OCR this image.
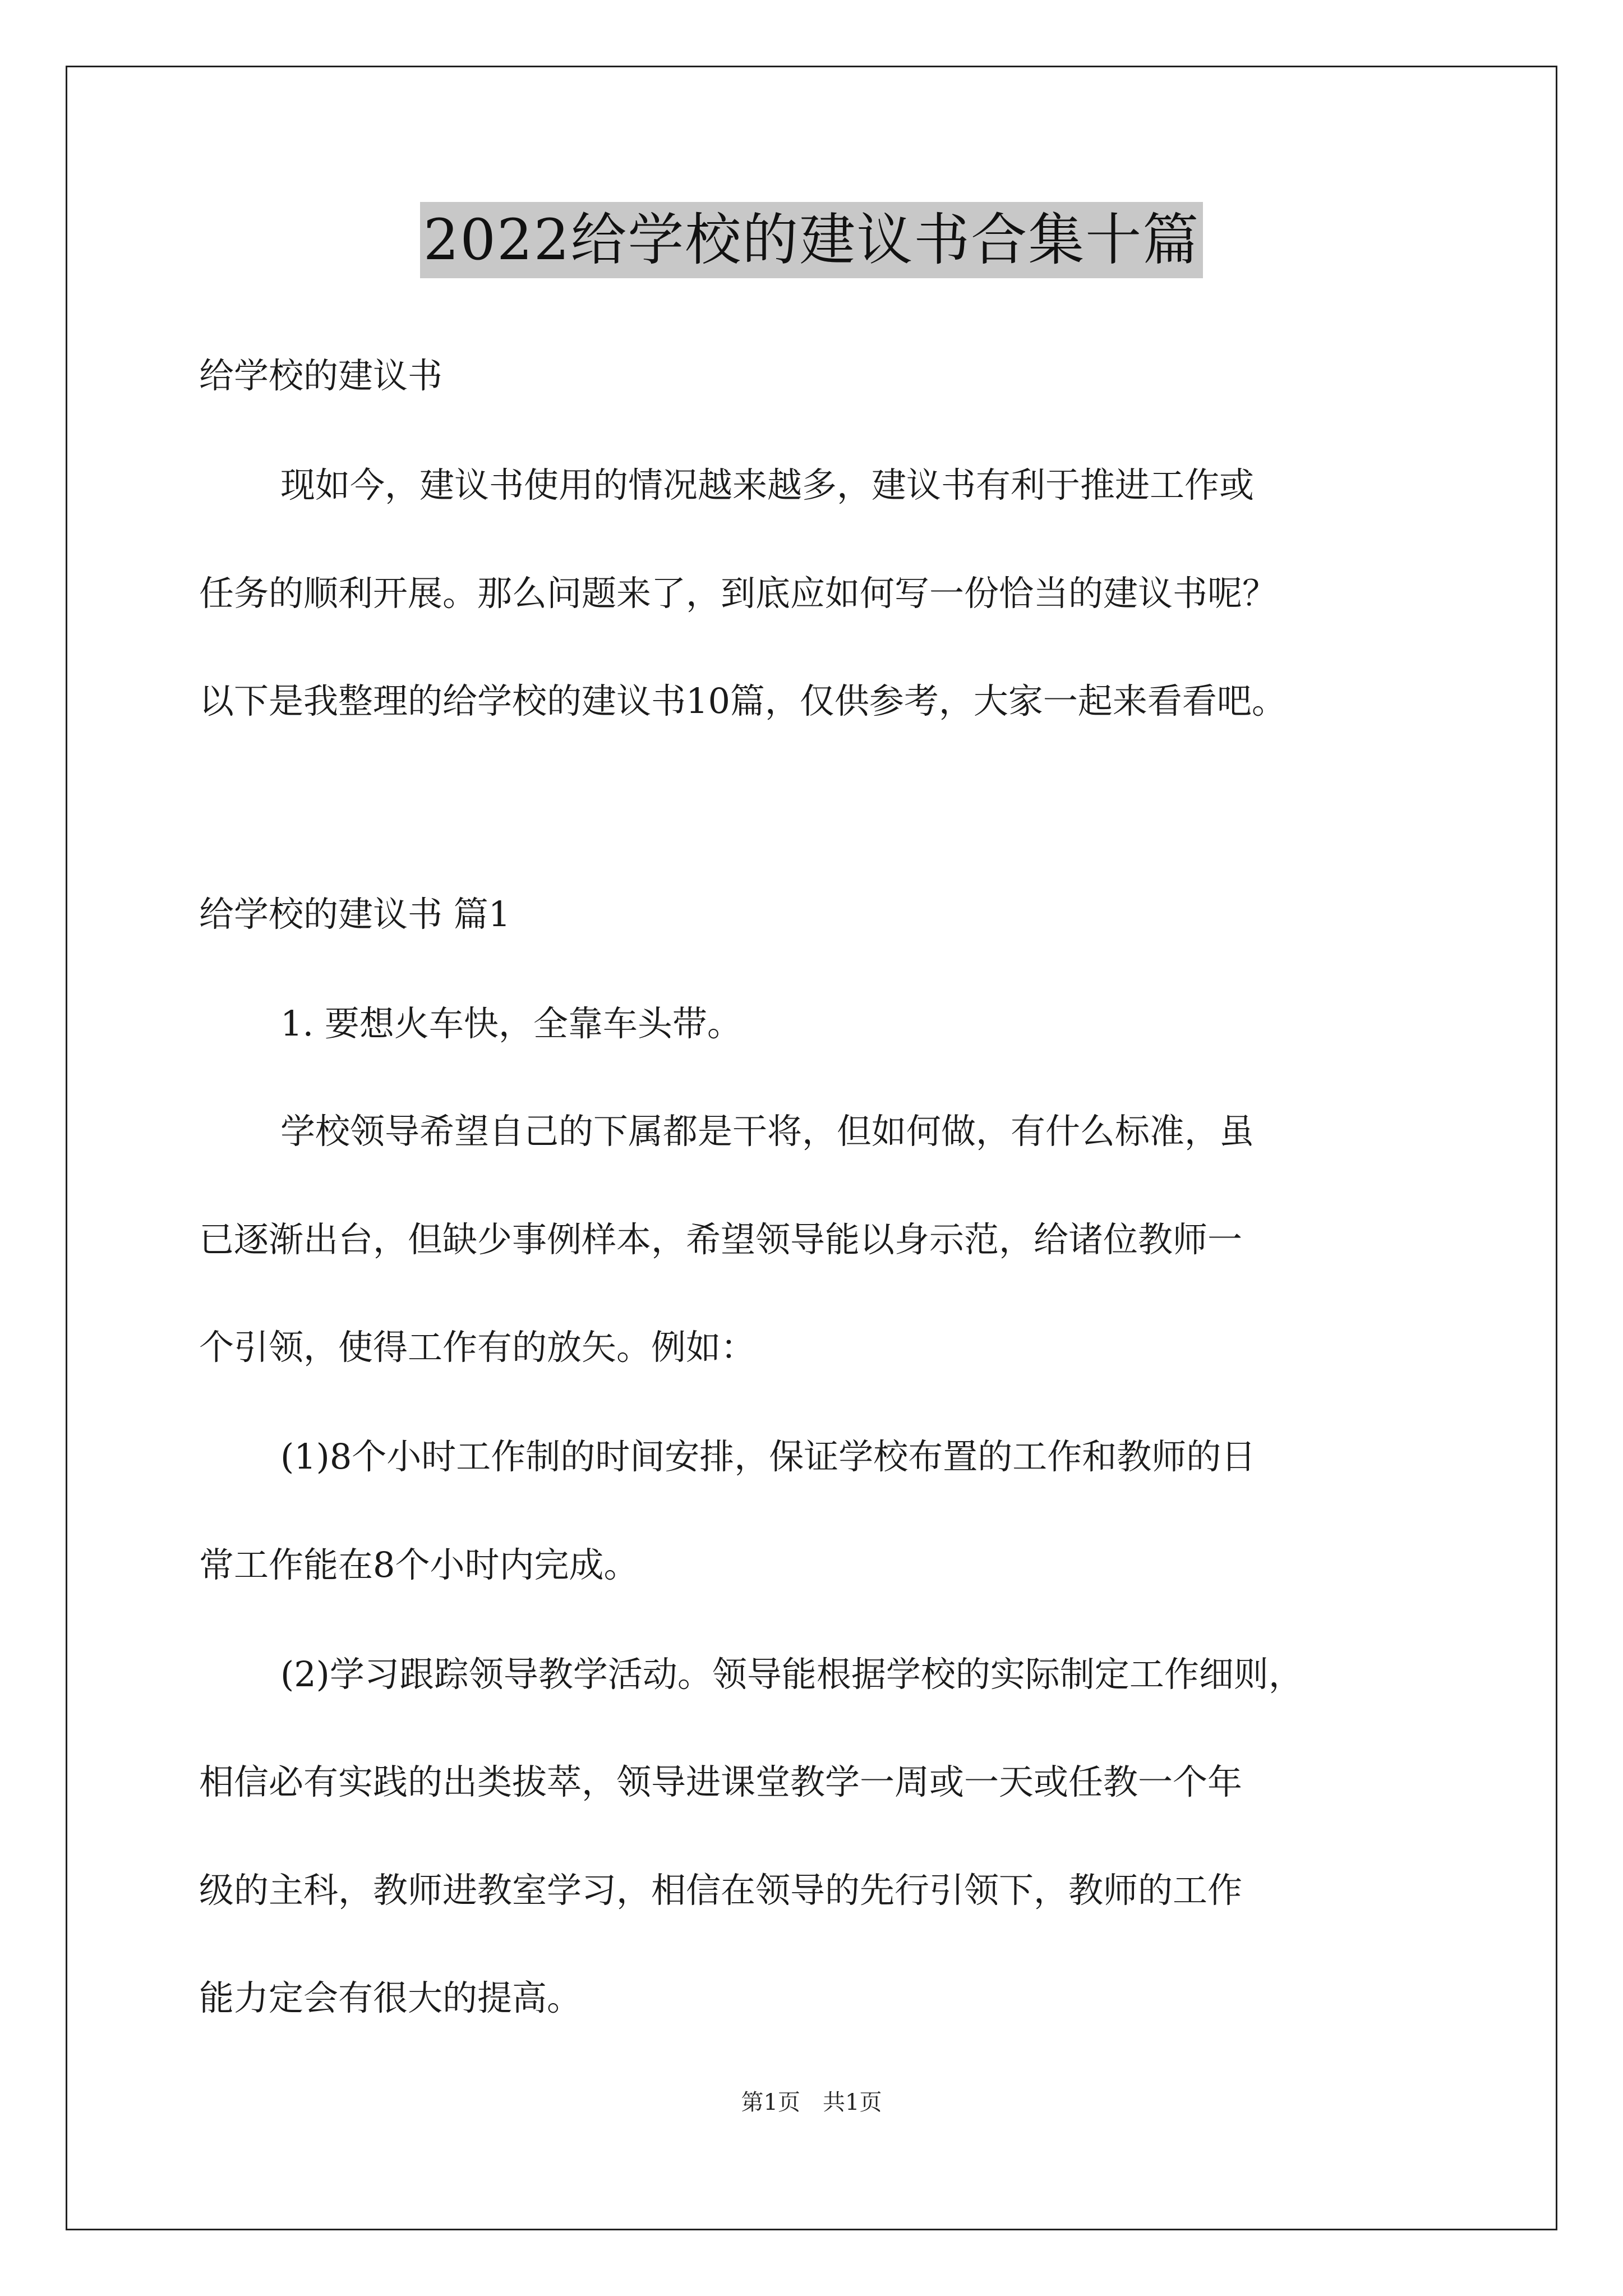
2022给学校的建议书合集十篇

给学校的建议书

现如今，建议书使用的情况越来越多，建议书有利于推进工作或

任务的顺利开展。那么问题来了，到底应如何写一份恰当的建议书呢？

以下是我整理的给学校的建议书10篇，仅供参考，大家一起来看看吧。

给学校的建议书 篇1

1. 要想火车快，全靠车头带。

学校领导希望自己的下属都是干将，但如何做，有什么标准，虽

已逐渐出台，但缺少事例样本，希望领导能以身示范，给诸位教师一

个引领，使得工作有的放矢。例如：

(1)8个小时工作制的时间安排，保证学校布置的工作和教师的日

常工作能在8个小时内完成。

(2)学习跟踪领导教学活动。领导能根据学校的实际制定工作细则，

相信必有实践的出类拔萃，领导进课堂教学一周或一天或任教一个年

级的主科，教师进教室学习，相信在领导的先行引领下，教师的工作

能力定会有很大的提高。

第1页　共1页
